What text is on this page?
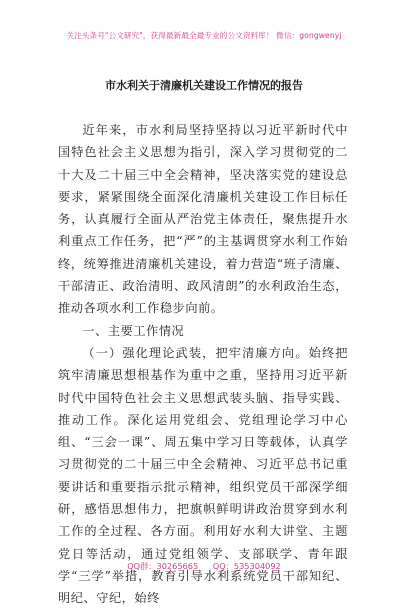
关注头条号"公文研究"，获得最新最全最专业的公文资料库！ 微信：gongwenyj
市水利关于清廉机关建设工作情况的报告

近年来，市水利局坚持坚持以习近平新时代中国特色社会主义思想为指引，深入学习贯彻党的二十大及二十届三中全会精神，坚决落实党的建设总要求，紧紧围绕全面深化清廉机关建设工作目标任务，认真履行全面从严治党主体责任，聚焦提升水利重点工作任务，把“严”的主基调贯穿水利工作始终，统筹推进清廉机关建设，着力营造“班子清廉、干部清正、政治清明、政风清朗”的水利政治生态，推动各项水利工作稳步向前。

一、主要工作情况

（一）强化理论武装，把牢清廉方向。始终把筑牢清廉思想根基作为重中之重，坚持用习近平新时代中国特色社会主义思想武装头脑、指导实践、推动工作。深化运用党组会、党组理论学习中心组、“三会一课”、周五集中学习日等载体，认真学习贯彻党的二十届三中全会精神、习近平总书记重要讲话和重要指示批示精神，组织党员干部深学细研，感悟思想伟力，把旗帜鲜明讲政治贯穿到水利工作的全过程、各方面。利用好水利大讲堂、主题党日等活动，通过党组领学、支部联学、青年跟学“三学”举措，教育引导水利系统党员干部知纪、明纪、守纪，始终

QQ群：30265665 QQ：535304092
